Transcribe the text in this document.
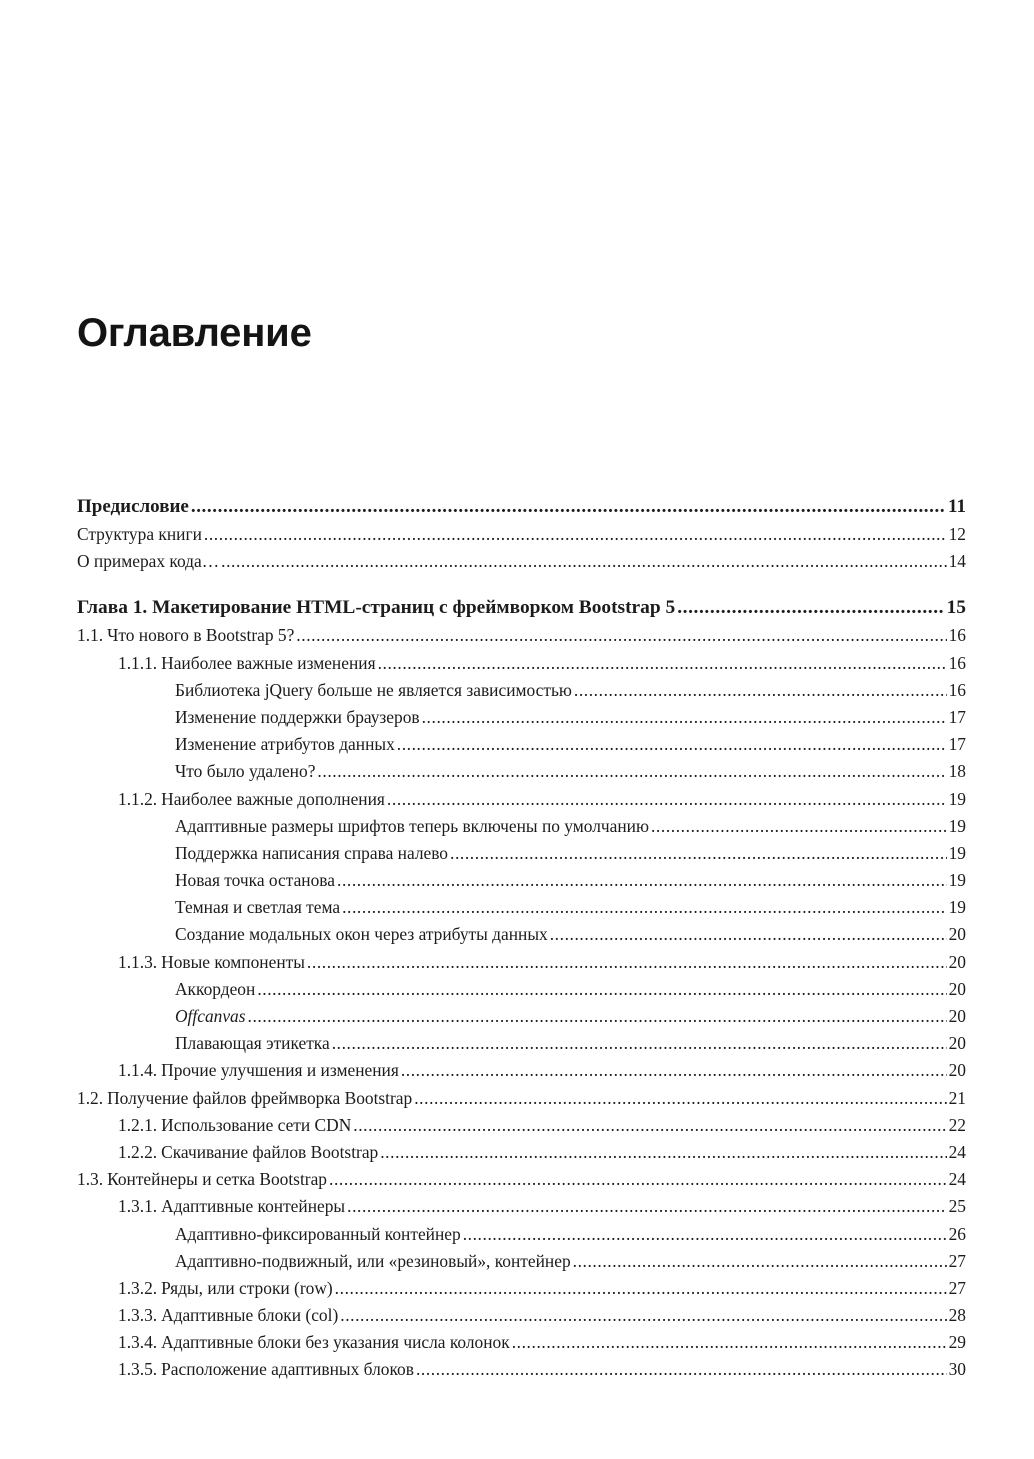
Оглавление
Предисловие .....	11
Структура книги .....	12
О примерах кода… .....	14
Глава 1. Макетирование HTML-страниц с фреймворком Bootstrap 5 .....	15
1.1. Что нового в Bootstrap 5? .....	16
1.1.1. Наиболее важные изменения .....	16
Библиотека jQuery больше не является зависимостью .....	16
Изменение поддержки браузеров .....	17
Изменение атрибутов данных .....	17
Что было удалено? .....	18
1.1.2. Наиболее важные дополнения .....	19
Адаптивные размеры шрифтов теперь включены по умолчанию .....	19
Поддержка написания справа налево .....	19
Новая точка останова .....	19
Темная и светлая тема .....	19
Создание модальных окон через атрибуты данных .....	20
1.1.3. Новые компоненты .....	20
Аккордеон .....	20
Offcanvas .....	20
Плавающая этикетка .....	20
1.1.4. Прочие улучшения и изменения .....	20
1.2. Получение файлов фреймворка Bootstrap .....	21
1.2.1. Использование сети CDN .....	22
1.2.2. Скачивание файлов Bootstrap .....	24
1.3. Контейнеры и сетка Bootstrap .....	24
1.3.1. Адаптивные контейнеры .....	25
Адаптивно-фиксированный контейнер .....	26
Адаптивно-подвижный, или «резиновый», контейнер .....	27
1.3.2. Ряды, или строки (row) .....	27
1.3.3. Адаптивные блоки (col) .....	28
1.3.4. Адаптивные блоки без указания числа колонок .....	29
1.3.5. Расположение адаптивных блоков .....	30
